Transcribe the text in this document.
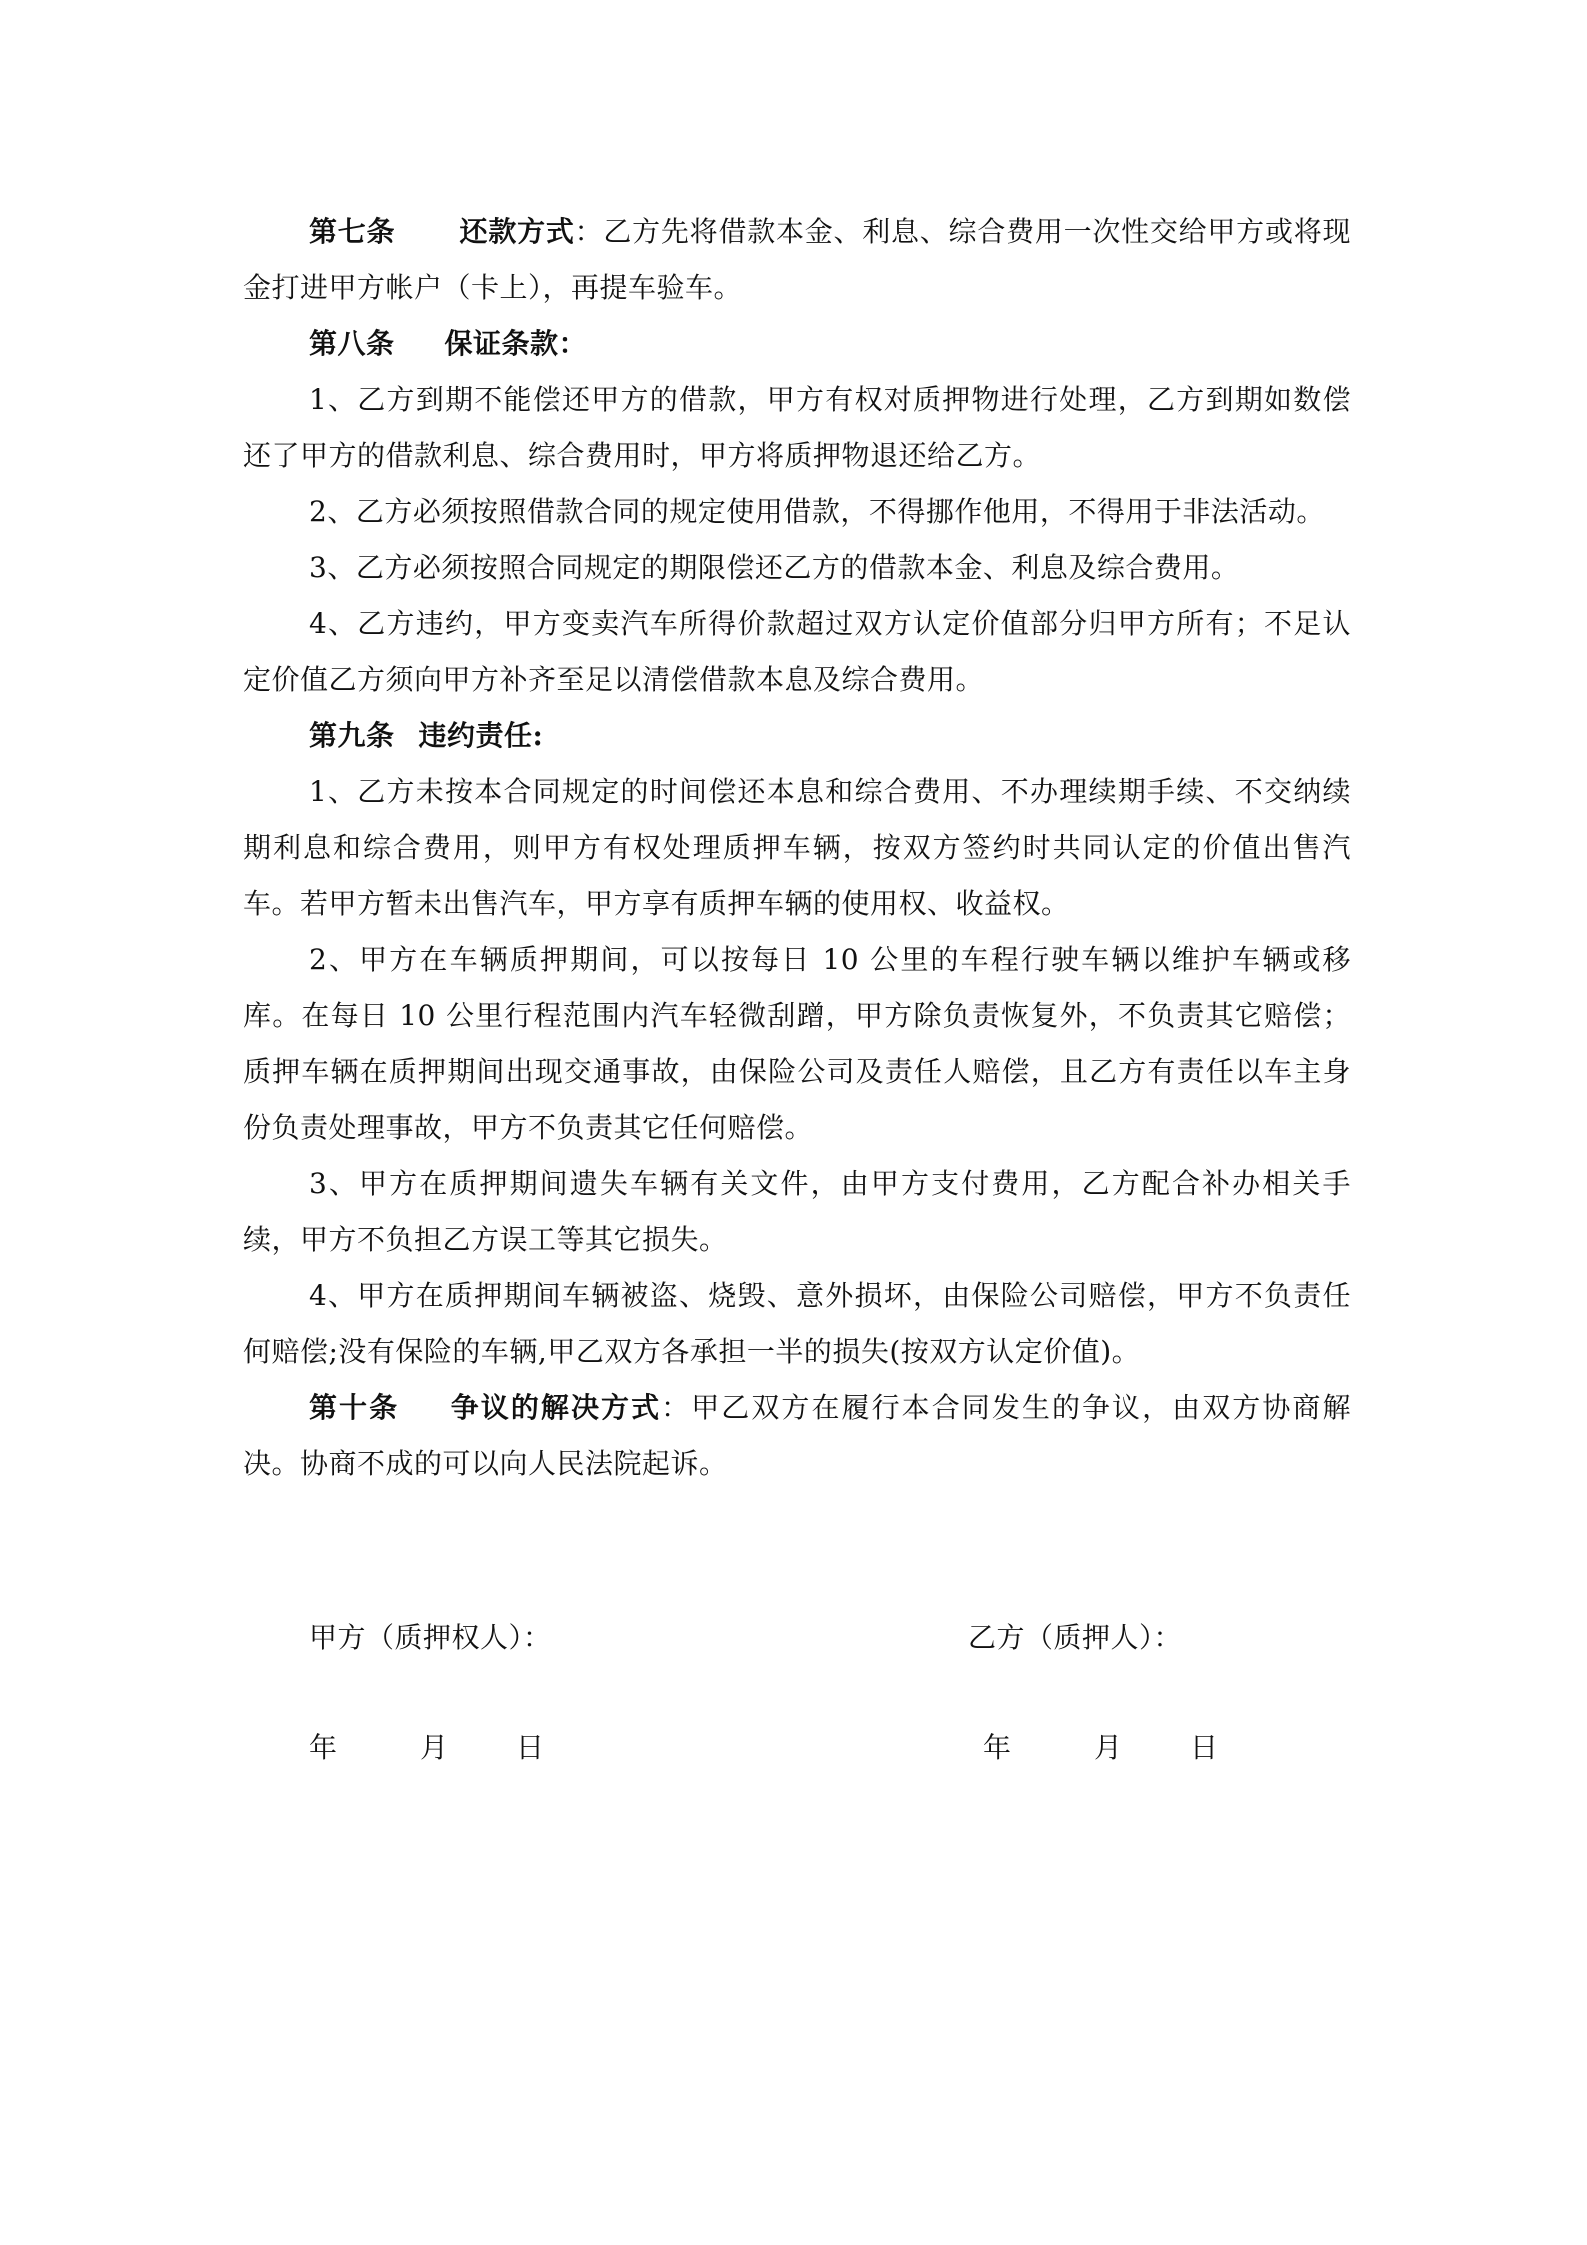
第七条 还款方式：乙方先将借款本金、利息、综合费用一次性交给甲方或将现金打进甲方帐户（卡上），再提车验车。

第八条 保证条款：

1、乙方到期不能偿还甲方的借款，甲方有权对质押物进行处理，乙方到期如数偿还了甲方的借款利息、综合费用时，甲方将质押物退还给乙方。

2、乙方必须按照借款合同的规定使用借款，不得挪作他用，不得用于非法活动。

3、乙方必须按照合同规定的期限偿还乙方的借款本金、利息及综合费用。

4、乙方违约，甲方变卖汽车所得价款超过双方认定价值部分归甲方所有；不足认定价值乙方须向甲方补齐至足以清偿借款本息及综合费用。

第九条 违约责任:

1、乙方未按本合同规定的时间偿还本息和综合费用、不办理续期手续、不交纳续期利息和综合费用，则甲方有权处理质押车辆，按双方签约时共同认定的价值出售汽车。若甲方暂未出售汽车，甲方享有质押车辆的使用权、收益权。

2、甲方在车辆质押期间，可以按每日 10 公里的车程行驶车辆以维护车辆或移库。在每日 10 公里行程范围内汽车轻微刮蹭，甲方除负责恢复外，不负责其它赔偿；质押车辆在质押期间出现交通事故，由保险公司及责任人赔偿，且乙方有责任以车主身份负责处理事故，甲方不负责其它任何赔偿。

3、甲方在质押期间遗失车辆有关文件，由甲方支付费用，乙方配合补办相关手续，甲方不负担乙方误工等其它损失。

4、甲方在质押期间车辆被盗、烧毁、意外损坏，由保险公司赔偿，甲方不负责任何赔偿;没有保险的车辆,甲乙双方各承担一半的损失(按双方认定价值)。

第十条 争议的解决方式：甲乙双方在履行本合同发生的争议，由双方协商解决。协商不成的可以向人民法院起诉。

甲方（质押权人）：	乙方（质押人）：
年	月 日	年	月 日
